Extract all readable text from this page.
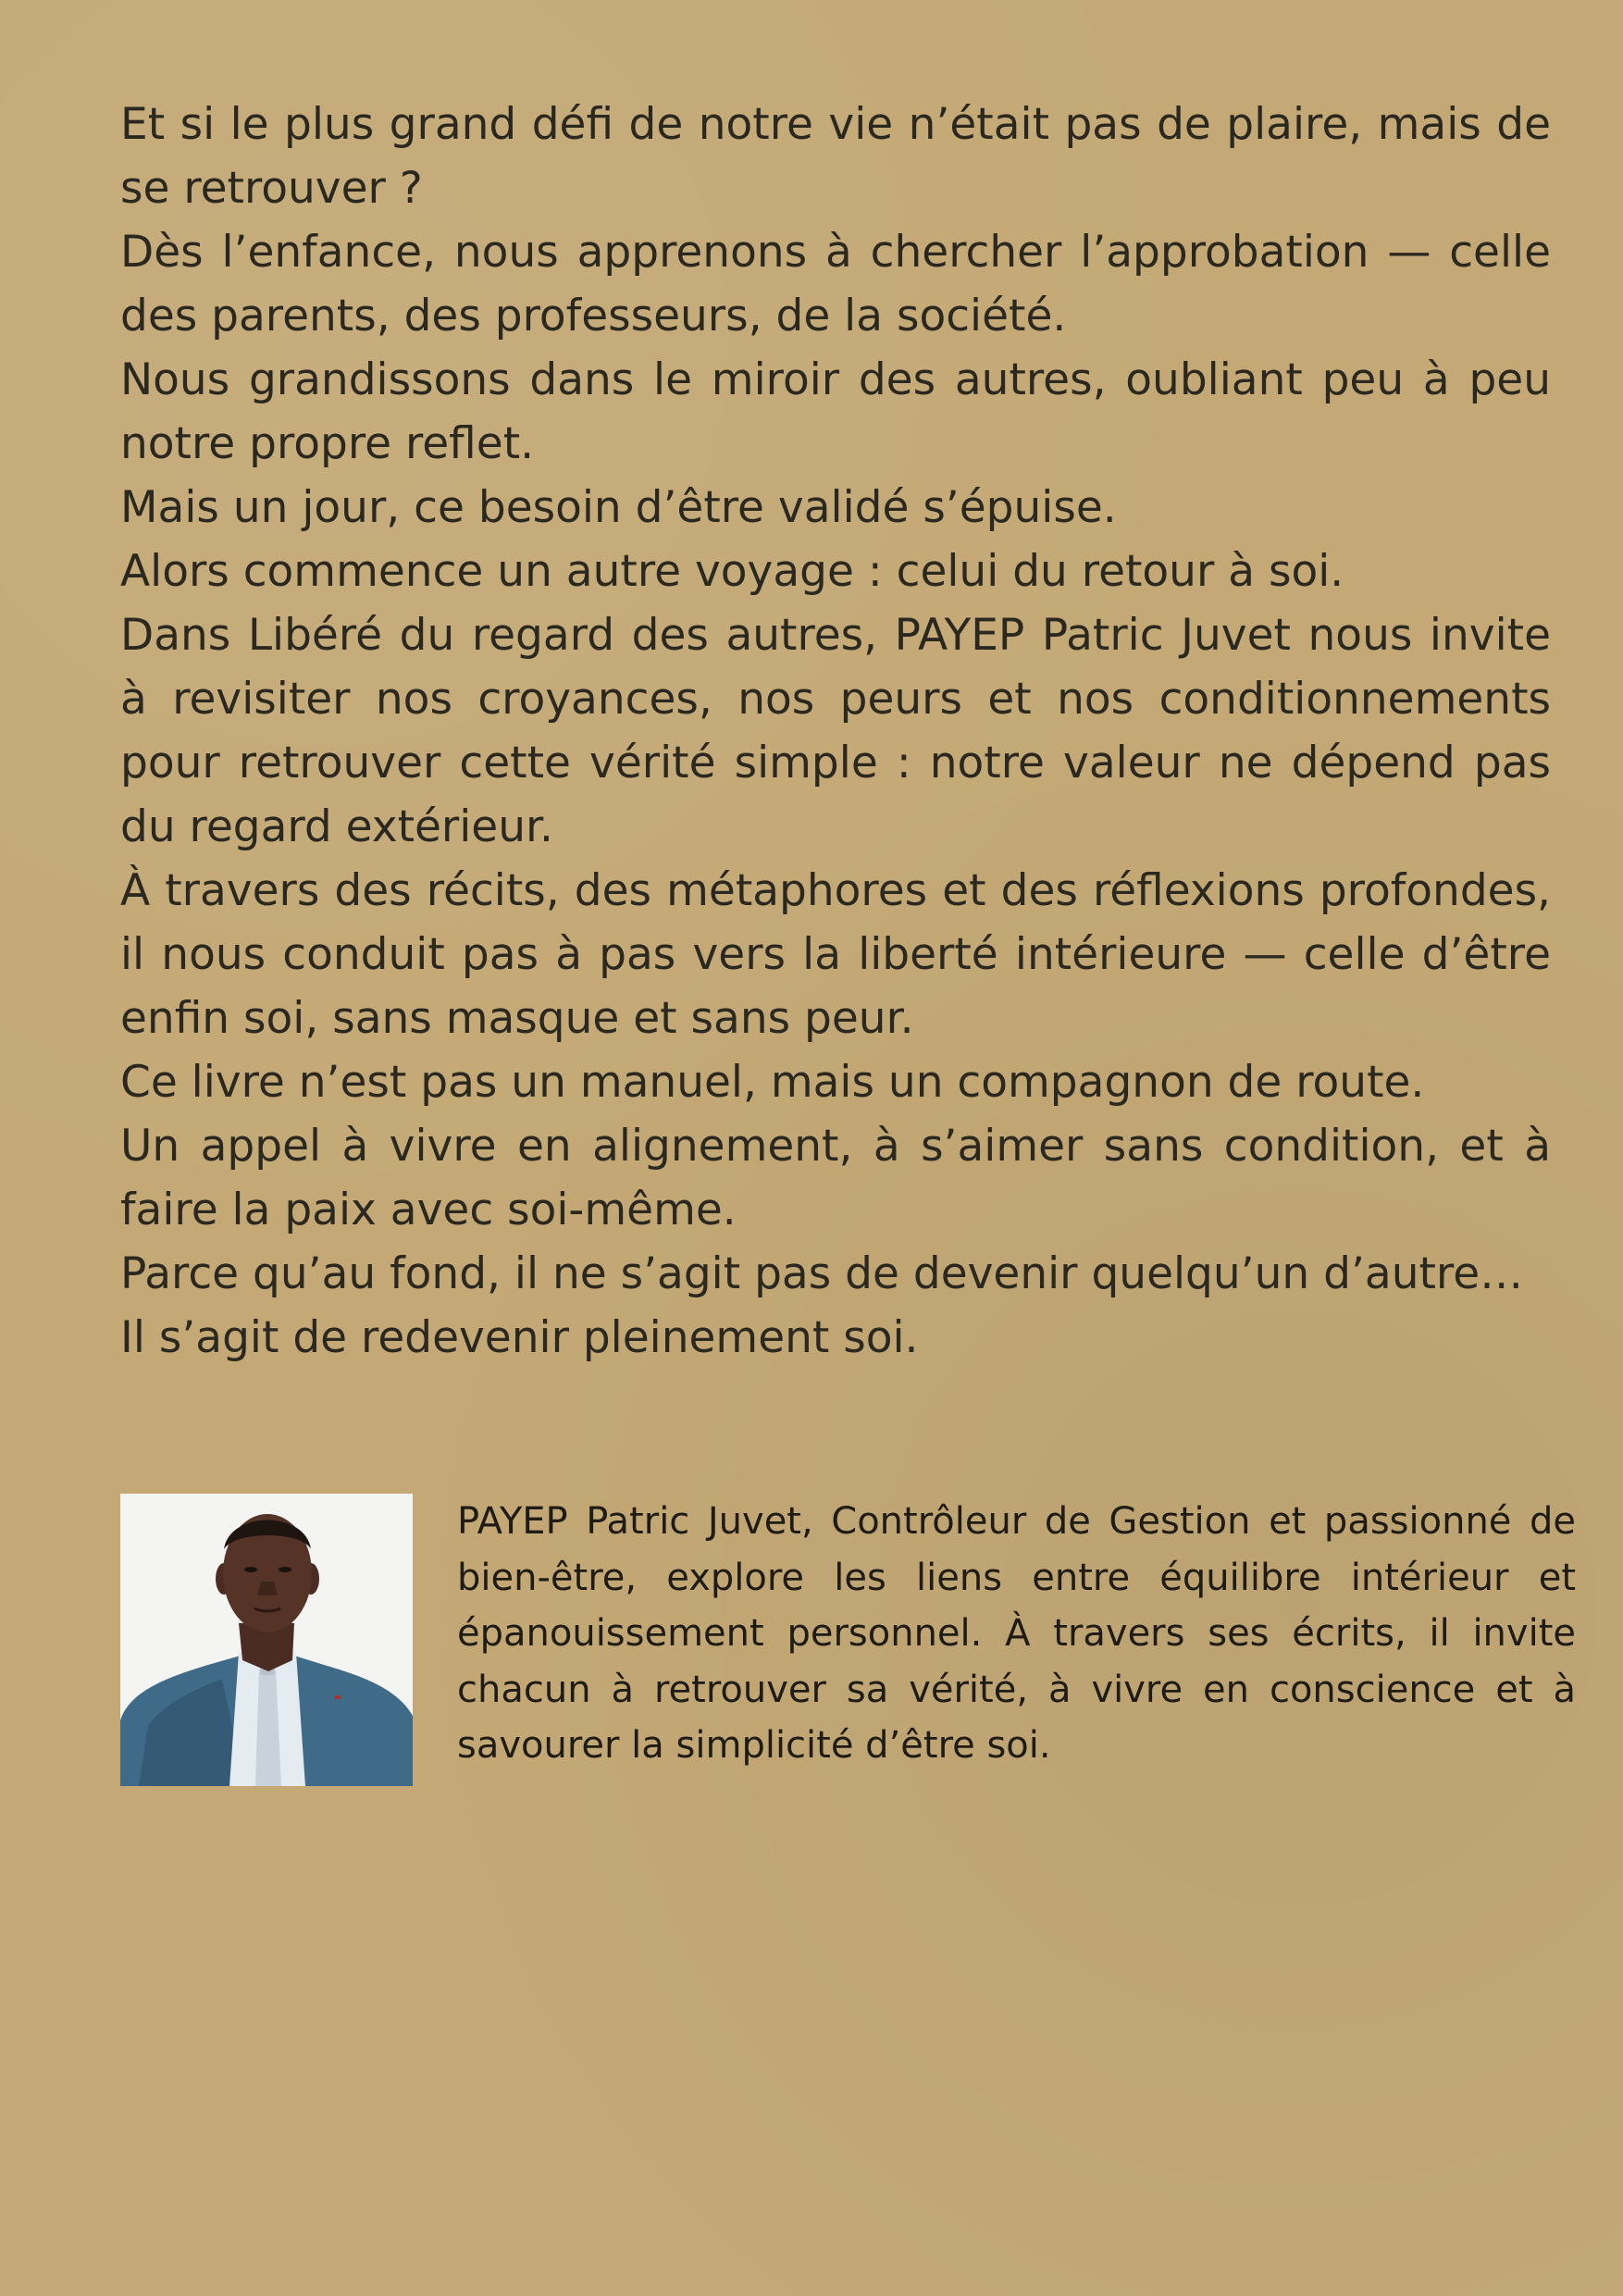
Et si le plus grand défi de notre vie n’était pas de plaire, mais de se retrouver ?

Dès l’enfance, nous apprenons à chercher l’approbation — celle des parents, des professeurs, de la société.

Nous grandissons dans le miroir des autres, oubliant peu à peu notre propre reflet.

Mais un jour, ce besoin d’être validé s’épuise.

Alors commence un autre voyage : celui du retour à soi.

Dans Libéré du regard des autres, PAYEP Patric Juvet nous invite à revisiter nos croyances, nos peurs et nos conditionnements pour retrouver cette vérité simple : notre valeur ne dépend pas du regard extérieur.

À travers des récits, des métaphores et des réflexions profondes, il nous conduit pas à pas vers la liberté intérieure — celle d’être enfin soi, sans masque et sans peur.

Ce livre n’est pas un manuel, mais un compagnon de route.

Un appel à vivre en alignement, à s’aimer sans condition, et à faire la paix avec soi-même.

Parce qu’au fond, il ne s’agit pas de devenir quelqu’un d’autre…

Il s’agit de redevenir pleinement soi.

PAYEP Patric Juvet, Contrôleur de Gestion et passionné de bien-être, explore les liens entre équilibre intérieur et épanouissement personnel. À travers ses écrits, il invite chacun à retrouver sa vérité, à vivre en conscience et à savourer la simplicité d’être soi.
